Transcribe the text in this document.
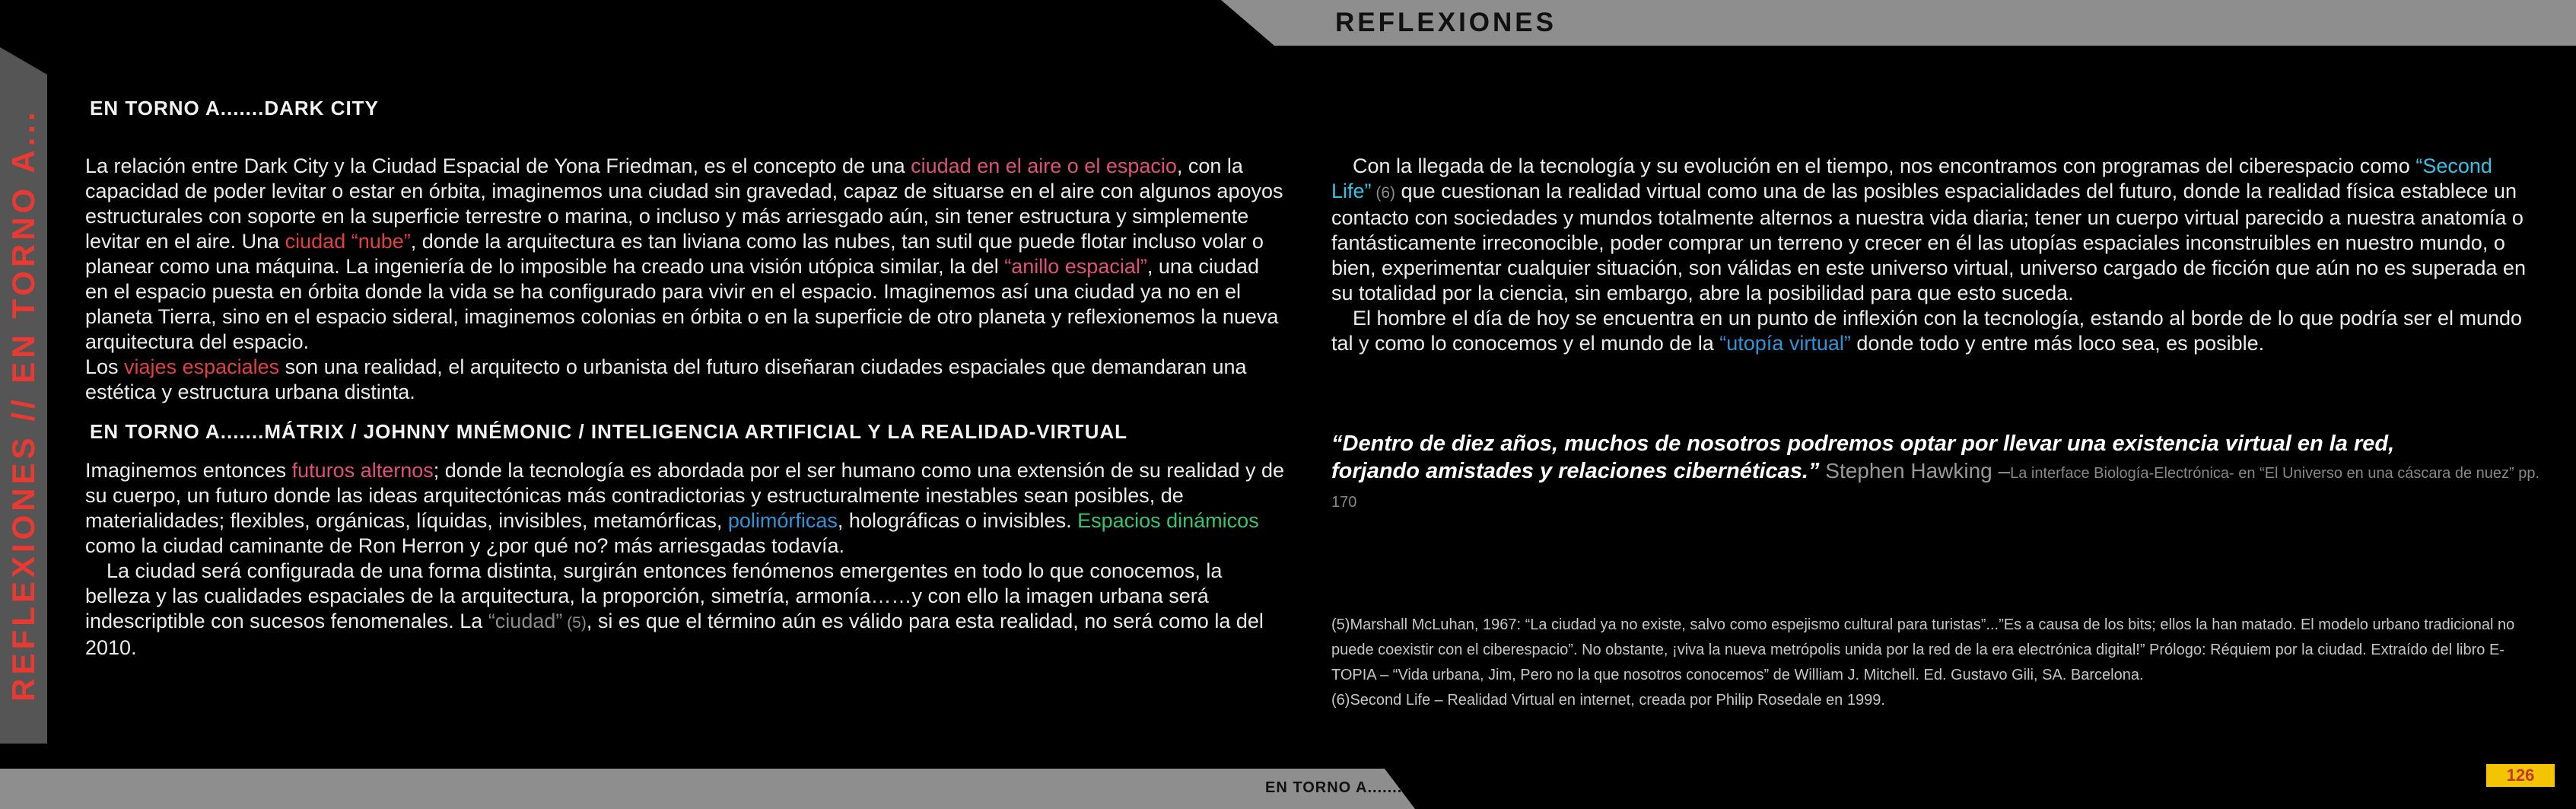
REFLEXIONES
REFLEXIONES // EN TORNO A...
EN TORNO A.......DARK CITY

La relación entre Dark City y la Ciudad Espacial de Yona Friedman, es el concepto de una ciudad en el aire o el espacio, con la capacidad de poder levitar o estar en órbita, imaginemos una ciudad sin gravedad, capaz de situarse en el aire con algunos apoyos estructurales con soporte en la superficie terrestre o marina, o incluso y más arriesgado aún, sin tener estructura y simplemente levitar en el aire. Una ciudad “nube”, donde la arquitectura es tan liviana como las nubes, tan sutil que puede flotar incluso volar o planear como una máquina. La ingeniería de lo imposible ha creado una visión utópica similar, la del “anillo espacial”, una ciudad en el espacio puesta en órbita donde la vida se ha configurado para vivir en el espacio. Imaginemos así una ciudad ya no en el planeta Tierra, sino en el espacio sideral, imaginemos colonias en órbita o en la superficie de otro planeta y reflexionemos la nueva arquitectura del espacio.

Los viajes espaciales son una realidad, el arquitecto o urbanista del futuro diseñaran ciudades espaciales que demandaran una estética y estructura urbana distinta.

EN TORNO A.......MÁTRIX / JOHNNY MNÉMONIC / INTELIGENCIA ARTIFICIAL Y LA REALIDAD-VIRTUAL

Imaginemos entonces futuros alternos; donde la tecnología es abordada por el ser humano como una extensión de su realidad y de su cuerpo, un futuro donde las ideas arquitectónicas más contradictorias y estructuralmente inestables sean posibles, de materialidades; flexibles, orgánicas, líquidas, invisibles, metamórficas, polimórficas, holográficas o invisibles. Espacios dinámicos como la ciudad caminante de Ron Herron y ¿por qué no? más arriesgadas todavía.

La ciudad será configurada de una forma distinta, surgirán entonces fenómenos emergentes en todo lo que conocemos, la belleza y las cualidades espaciales de la arquitectura, la proporción, simetría, armonía……y con ello la imagen urbana será indescriptible con sucesos fenomenales. La “ciudad” (5), si es que el término aún es válido para esta realidad, no será como la del 2010.

Con la llegada de la tecnología y su evolución en el tiempo, nos encontramos con programas del ciberespacio como “Second Life” (6) que cuestionan la realidad virtual como una de las posibles espacialidades del futuro, donde la realidad física establece un contacto con sociedades y mundos totalmente alternos a nuestra vida diaria; tener un cuerpo virtual parecido a nuestra anatomía o fantásticamente irreconocible, poder comprar un terreno y crecer en él las utopías espaciales inconstruibles en nuestro mundo, o bien, experimentar cualquier situación, son válidas en este universo virtual, universo cargado de ficción que aún no es superada en su totalidad por la ciencia, sin embargo, abre la posibilidad para que esto suceda.

El hombre el día de hoy se encuentra en un punto de inflexión con la tecnología, estando al borde de lo que podría ser el mundo tal y como lo conocemos y el mundo de la “utopía virtual” donde todo y entre más loco sea, es posible.

“Dentro de diez años, muchos de nosotros podremos optar por llevar una existencia virtual en la red,
forjando amistades y relaciones cibernéticas.” Stephen Hawking –La interface Biología-Electrónica- en “El Universo en una cáscara de nuez” pp. 170

(5)Marshall McLuhan, 1967: “La ciudad ya no existe, salvo como espejismo cultural para turistas”...”Es a causa de los bits; ellos la han matado. El modelo urbano tradicional no puede coexistir con el ciberespacio”. No obstante, ¡viva la nueva metrópolis unida por la red de la era electrónica digital!” Prólogo: Réquiem por la ciudad. Extraído del libro E-TOPIA – “Vida urbana, Jim, Pero no la que nosotros conocemos” de William J. Mitchell. Ed. Gustavo Gili, SA. Barcelona.

(6)Second Life – Realidad Virtual en internet, creada por Philip Rosedale en 1999.

EN TORNO A.......
126
